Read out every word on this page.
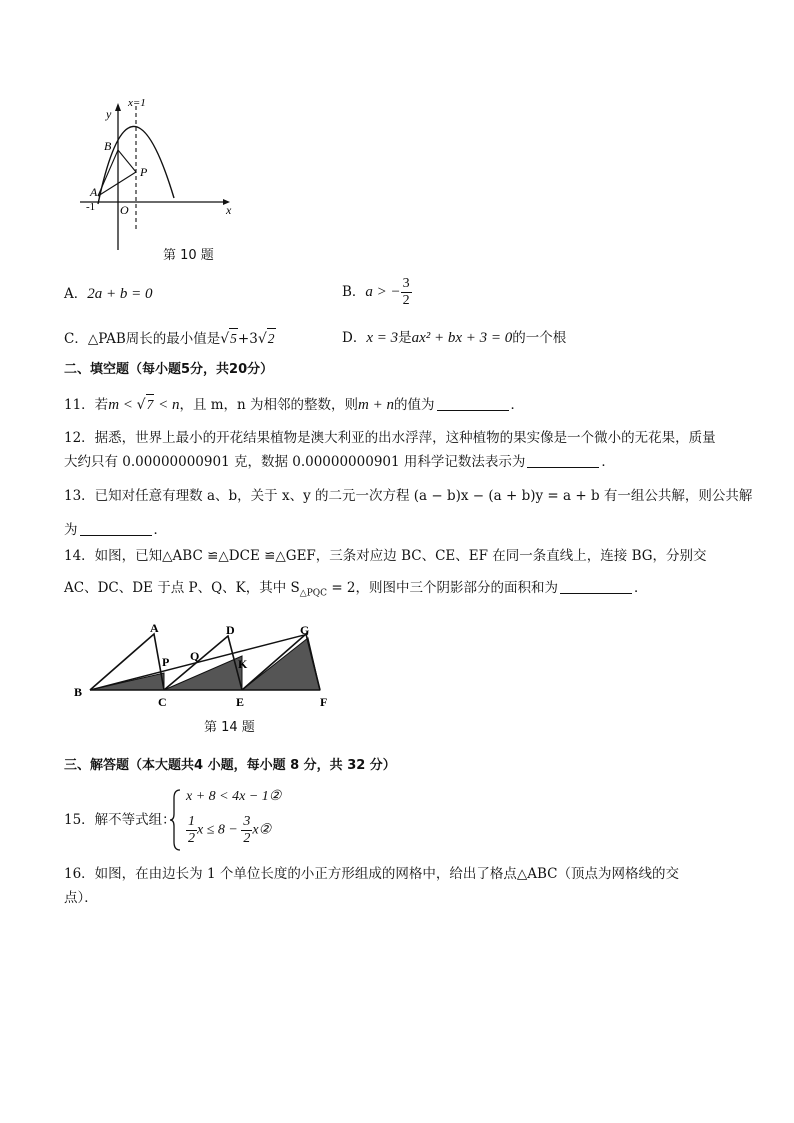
y
x
x=1
B
P
A
-1 O
第 10 题
A．2a + b = 0	B．a > − $\frac{3}{2}$
C．△PAB周长的最小值是√5+3√2	D．x = 3是ax² + bx + 3 = 0的一个根
二、填空题（每小题5分，共20分）
11．若m < √7 < n，且 m，n 为相邻的整数，则m + n的值为	．
12．据悉，世界上最小的开花结果植物是澳大利亚的出水浮萍，这种植物的果实像是一个微小的无花果，质量
大约只有 0.00000000901 克，数据 0.00000000901 用科学记数法表示为	．
13．已知对任意有理数 a、b，关于 x、y 的二元一次方程 (a − b)x − (a + b)y = a + b 有一组公共解，则公共解
为	．
14．如图，已知△ABC ≌△DCE ≌△GEF，三条对应边 BC、CE、EF 在同一条直线上，连接 BG，分别交
AC、DC、DE 于点 P、Q、K，其中 $S_{\triangle PQC} = 2$，则图中三个阴影部分的面积和为	．
A	D	G
P Q
K
B
C	E	F
第 14 题
三、解答题（本大题共4 小题，每小题 8 分，共 32 分）
15．解不等式组：
x + 8 < 4x − 1②
$\frac{1}{2}$ $x \le 8 - \frac{3}{2}$ x②
16．如图，在由边长为 1 个单位长度的小正方形组成的网格中，给出了格点△ABC（顶点为网格线的交
点）．
